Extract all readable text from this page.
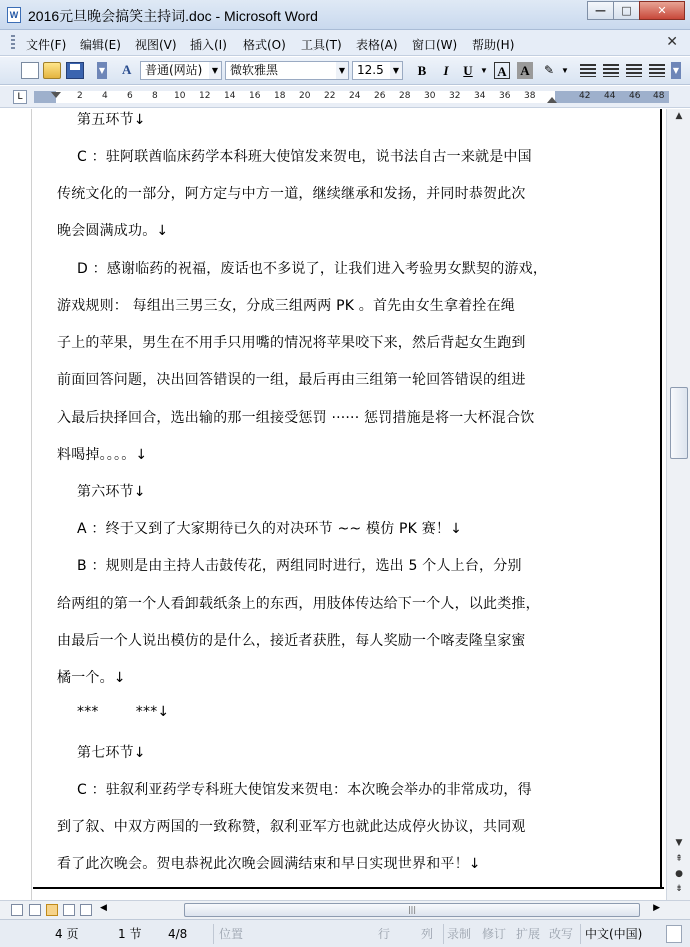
W 2016元旦晚会搞笑主持词.doc - Microsoft Word	—	□	✕
文件(F) 编辑(E) 视图(V) 插入(I) 格式(O) 工具(T) 表格(A) 窗口(W) 帮助(H)	✕
▼ A	普通(网站)	▼ 微软雅黑	▼ 12.5	▼ B	I	U ▼ A A	✎ ▼	▼
L	2 4 6 8 10 12 14 16 18 20 22 24 26 28 30 32 34 36 38	42 44 46 48
第五环节↓
C ：驻阿联酋临床药学本科班大使馆发来贺电，说书法自古一来就是中国
传统文化的一部分，阿方定与中方一道，继续继承和发扬，并同时恭贺此次
晚会圆满成功。↓
D ：感谢临药的祝福，废话也不多说了，让我们进入考验男女默契的游戏，
游戏规则： 每组出三男三女，分成三组两两 PK 。首先由女生拿着拴在绳
子上的苹果，男生在不用手只用嘴的情况将苹果咬下来，然后背起女生跑到
前面回答问题，决出回答错误的一组，最后再由三组第一轮回答错误的组进
入最后抉择回合，选出输的那一组接受惩罚 ······ 惩罚措施是将一大杯混合饮
料喝掉。。。。↓
第六环节↓
A ：终于又到了大家期待已久的对决环节 ~~ 模仿 PK 赛！↓
B ：规则是由主持人击鼓传花，两组同时进行，选出 5 个人上台，分别
给两组的第一个人看卸载纸条上的东西，用肢体传达给下一个人，以此类推，
由最后一个人说出模仿的是什么，接近者获胜，每人奖励一个喀麦隆皇家蜜
橘一个。↓
***        ***↓
第七环节↓
C ：驻叙利亚药学专科班大使馆发来贺电：本次晚会举办的非常成功，得
到了叙、中双方两国的一致称赞，叙利亚军方也就此达成停火协议，共同观
看了此次晚会。贺电恭祝此次晚会圆满结束和早日实现世界和平！↓
▲
▼
⇞
●
⇟
◀	|||	▶
4 页	1 节 4/8	位置	行	列 录制 修订 扩展 改写 中文(中国)
